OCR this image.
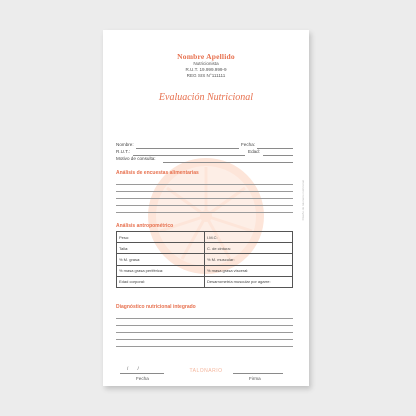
Nombre Apellido
Nutricionista
R.U.T. 19.999.999-9
REG SIS N°111111
Evaluación Nutricional
Nombre:	Fecha:
R.U.T.:	Edad:
Motivo de consulta:
Análisis de encuestas alimentarias
Análisis antropométrico
Peso:	I.M.C:
Talla:	C. de cintura:
% M. grasa:	% M. muscular:
% masa grasa periférica:	% masa grasa visceral:
Edad corporal:	Desarrometría muscular por agarre:
Diagnóstico nutricional integrado
/ /
Fecha
TALONARIO
Firma
Diseño de talonario nutricional
